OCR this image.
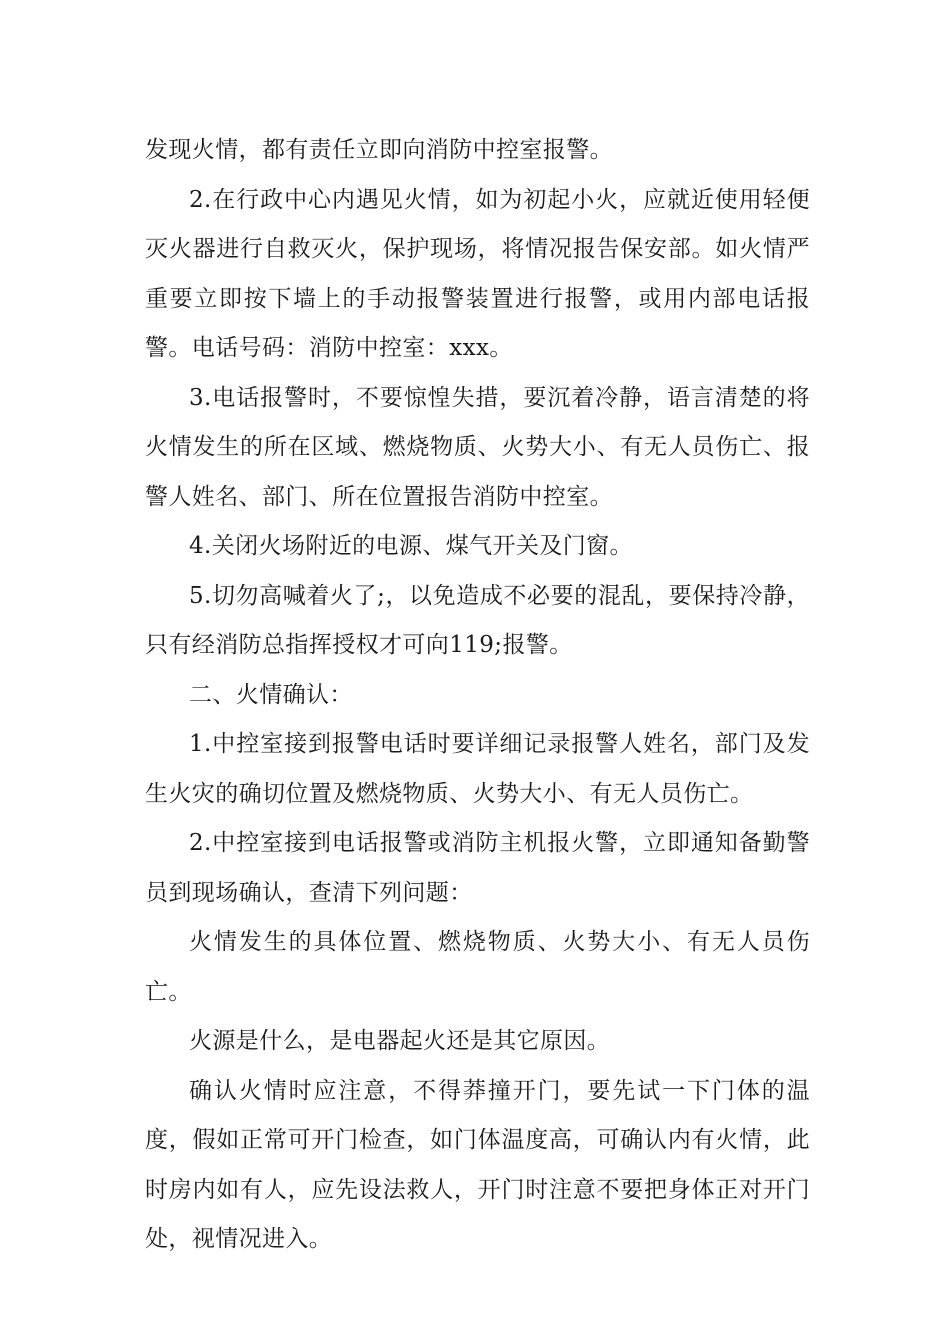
发现火情，都有责任立即向消防中控室报警。

2.在行政中心内遇见火情，如为初起小火，应就近使用轻便灭火器进行自救灭火，保护现场，将情况报告保安部。如火情严重要立即按下墙上的手动报警装置进行报警，或用内部电话报警。电话号码：消防中控室：xxx。

3.电话报警时，不要惊惶失措，要沉着冷静，语言清楚的将火情发生的所在区域、燃烧物质、火势大小、有无人员伤亡、报警人姓名、部门、所在位置报告消防中控室。

4.关闭火场附近的电源、煤气开关及门窗。

5.切勿高喊着火了;，以免造成不必要的混乱，要保持冷静，只有经消防总指挥授权才可向119;报警。

二、火情确认：

1.中控室接到报警电话时要详细记录报警人姓名，部门及发生火灾的确切位置及燃烧物质、火势大小、有无人员伤亡。

2.中控室接到电话报警或消防主机报火警，立即通知备勤警员到现场确认，查清下列问题：

火情发生的具体位置、燃烧物质、火势大小、有无人员伤亡。

火源是什么，是电器起火还是其它原因。

确认火情时应注意，不得莽撞开门，要先试一下门体的温度，假如正常可开门检查，如门体温度高，可确认内有火情，此时房内如有人，应先设法救人，开门时注意不要把身体正对开门处，视情况进入。
